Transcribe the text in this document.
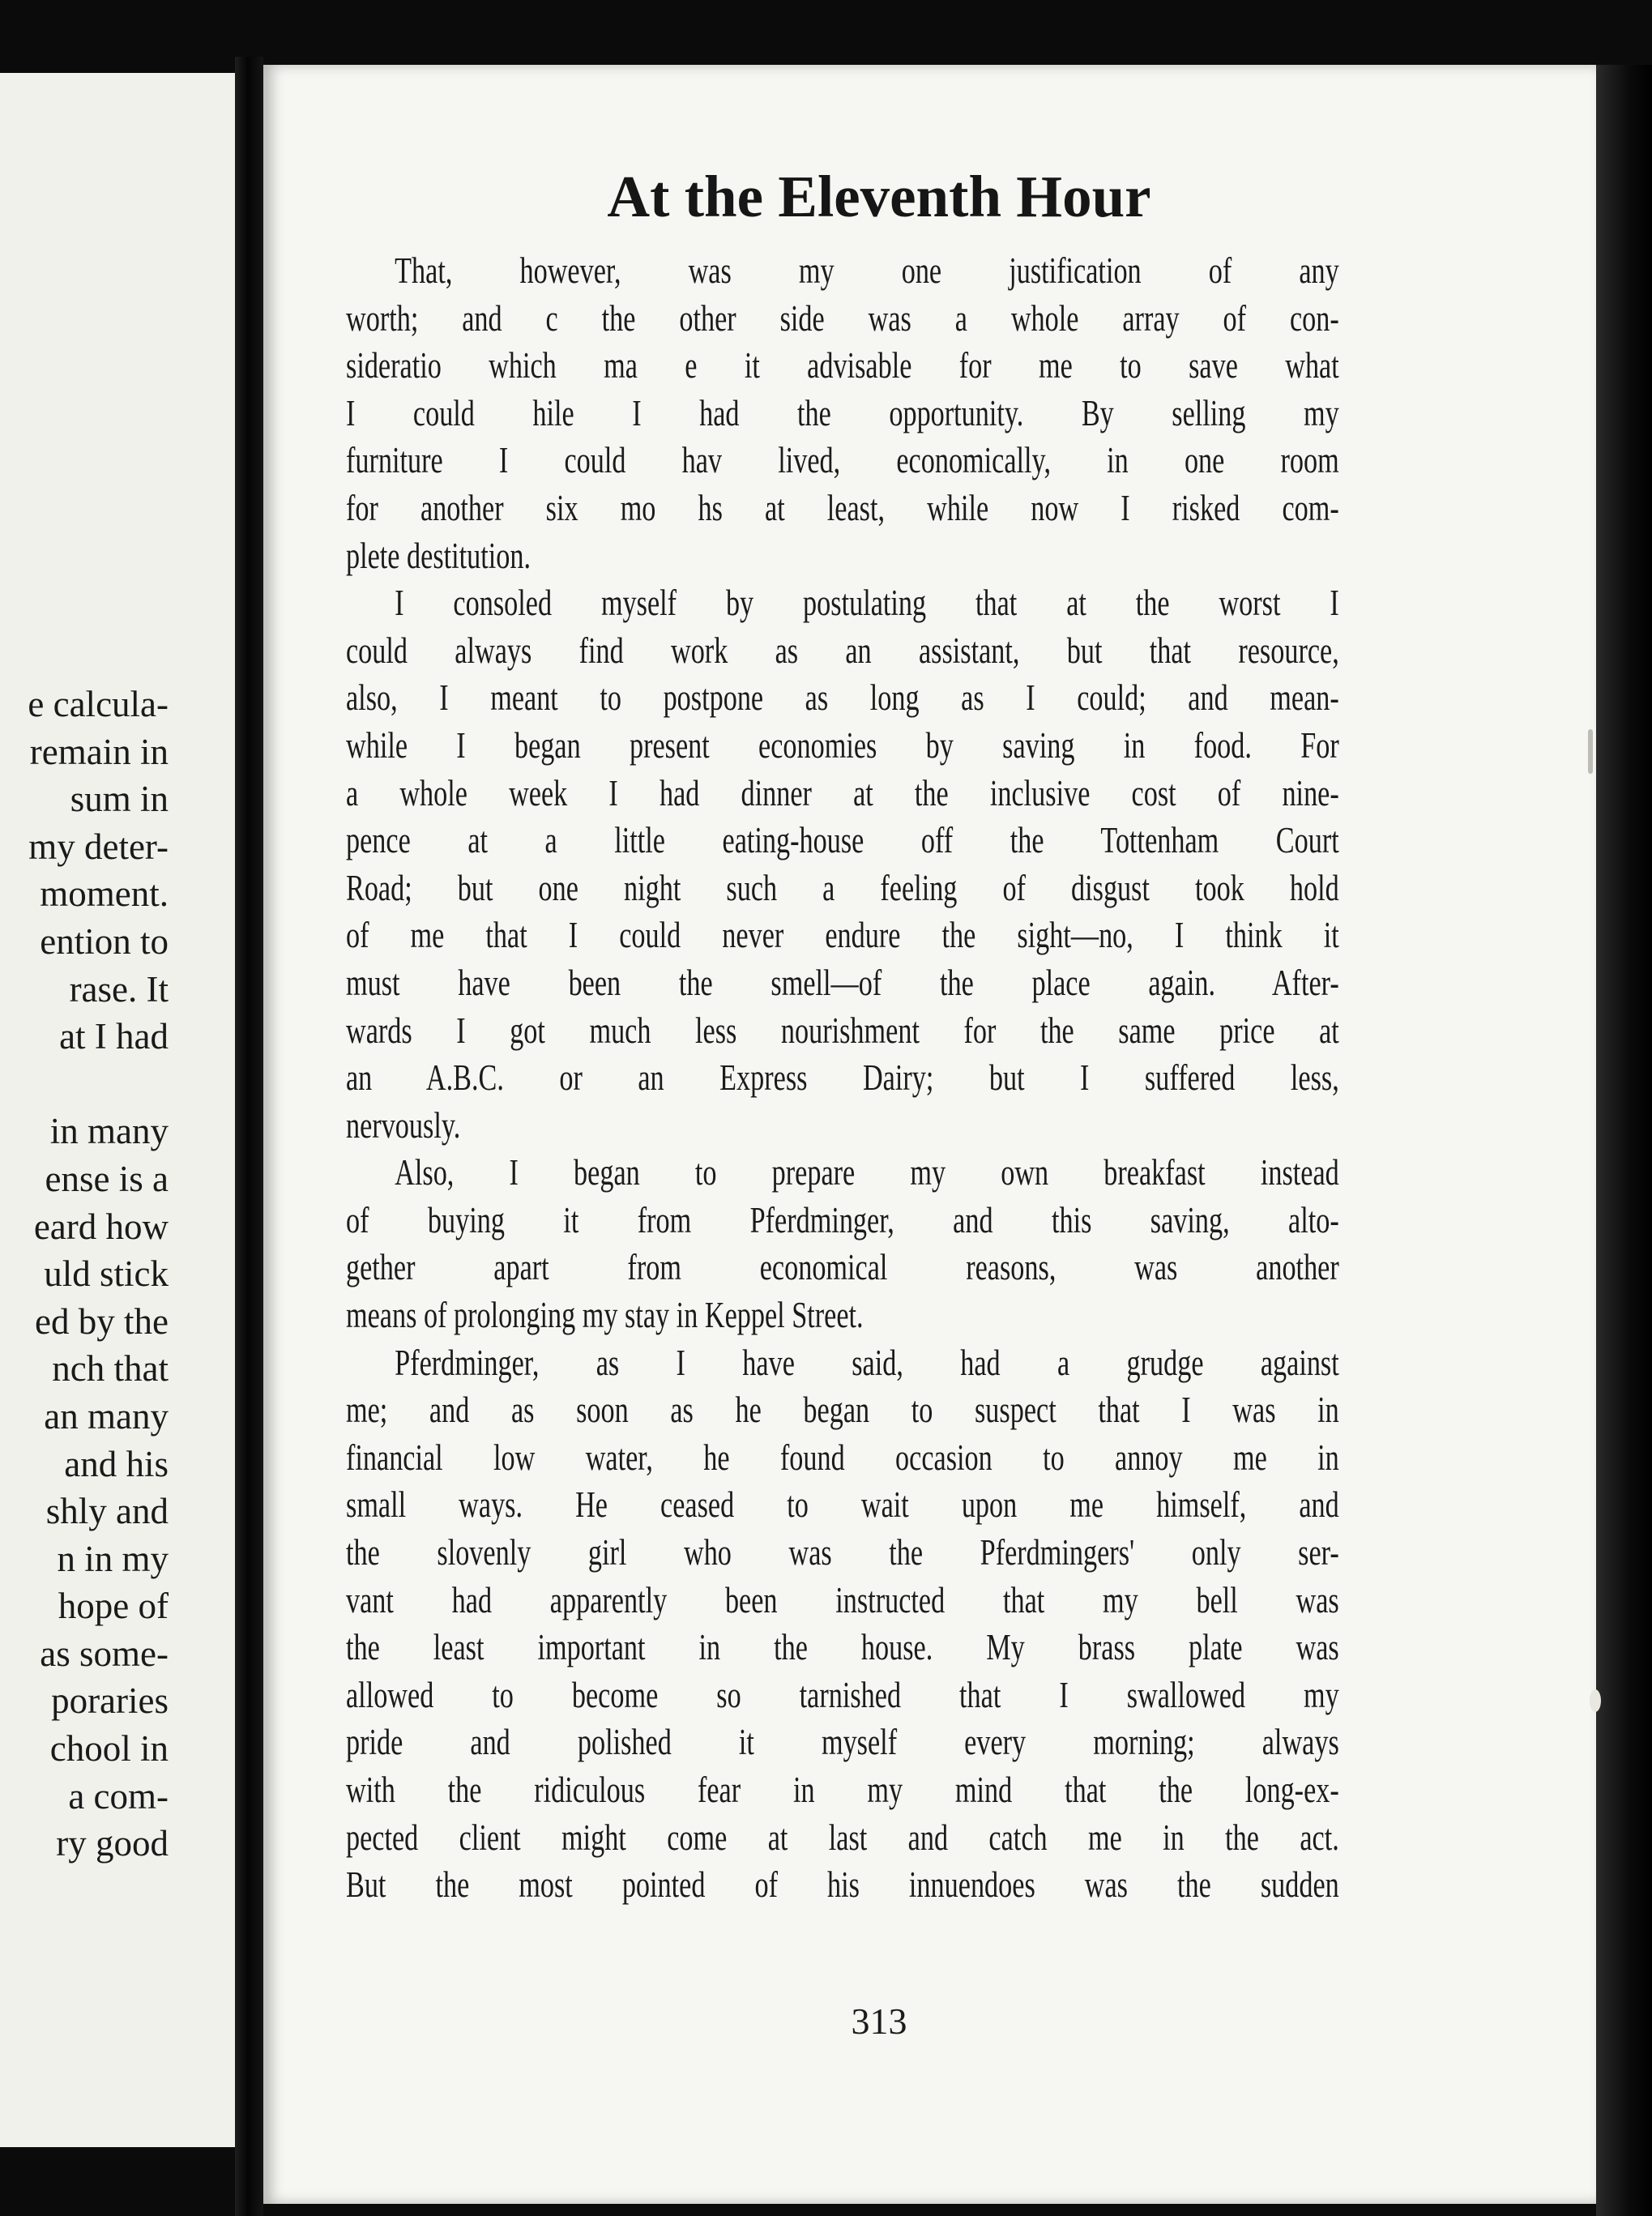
e calcula-
remain in
sum in
my deter-
moment.
ention to
rase. It
at I had

in many
ense is a
eard how
uld stick
ed by the
nch that
an many
and his
shly and
n in my
hope of
as some-
poraries
chool in
a com-
ry good
At the Eleventh Hour
That, however, was my one justification of any
worth; and c the other side was a whole array of con-
sideratio which ma e it advisable for me to save what
I could hile I had the opportunity. By selling my
furniture I could hav lived, economically, in one room
for another six mo hs at least, while now I risked com-
plete destitution.
I consoled myself by postulating that at the worst I
could always find work as an assistant, but that resource,
also, I meant to postpone as long as I could; and mean-
while I began present economies by saving in food. For
a whole week I had dinner at the inclusive cost of nine-
pence at a little eating-house off the Tottenham Court
Road; but one night such a feeling of disgust took hold
of me that I could never endure the sight—no, I think it
must have been the smell—of the place again. After-
wards I got much less nourishment for the same price at
an A.B.C. or an Express Dairy; but I suffered less,
nervously.
Also, I began to prepare my own breakfast instead
of buying it from Pferdminger, and this saving, alto-
gether apart from economical reasons, was another
means of prolonging my stay in Keppel Street.
Pferdminger, as I have said, had a grudge against
me; and as soon as he began to suspect that I was in
financial low water, he found occasion to annoy me in
small ways. He ceased to wait upon me himself, and
the slovenly girl who was the Pferdmingers' only ser-
vant had apparently been instructed that my bell was
the least important in the house. My brass plate was
allowed to become so tarnished that I swallowed my
pride and polished it myself every morning; always
with the ridiculous fear in my mind that the long-ex-
pected client might come at last and catch me in the act.
But the most pointed of his innuendoes was the sudden
313
